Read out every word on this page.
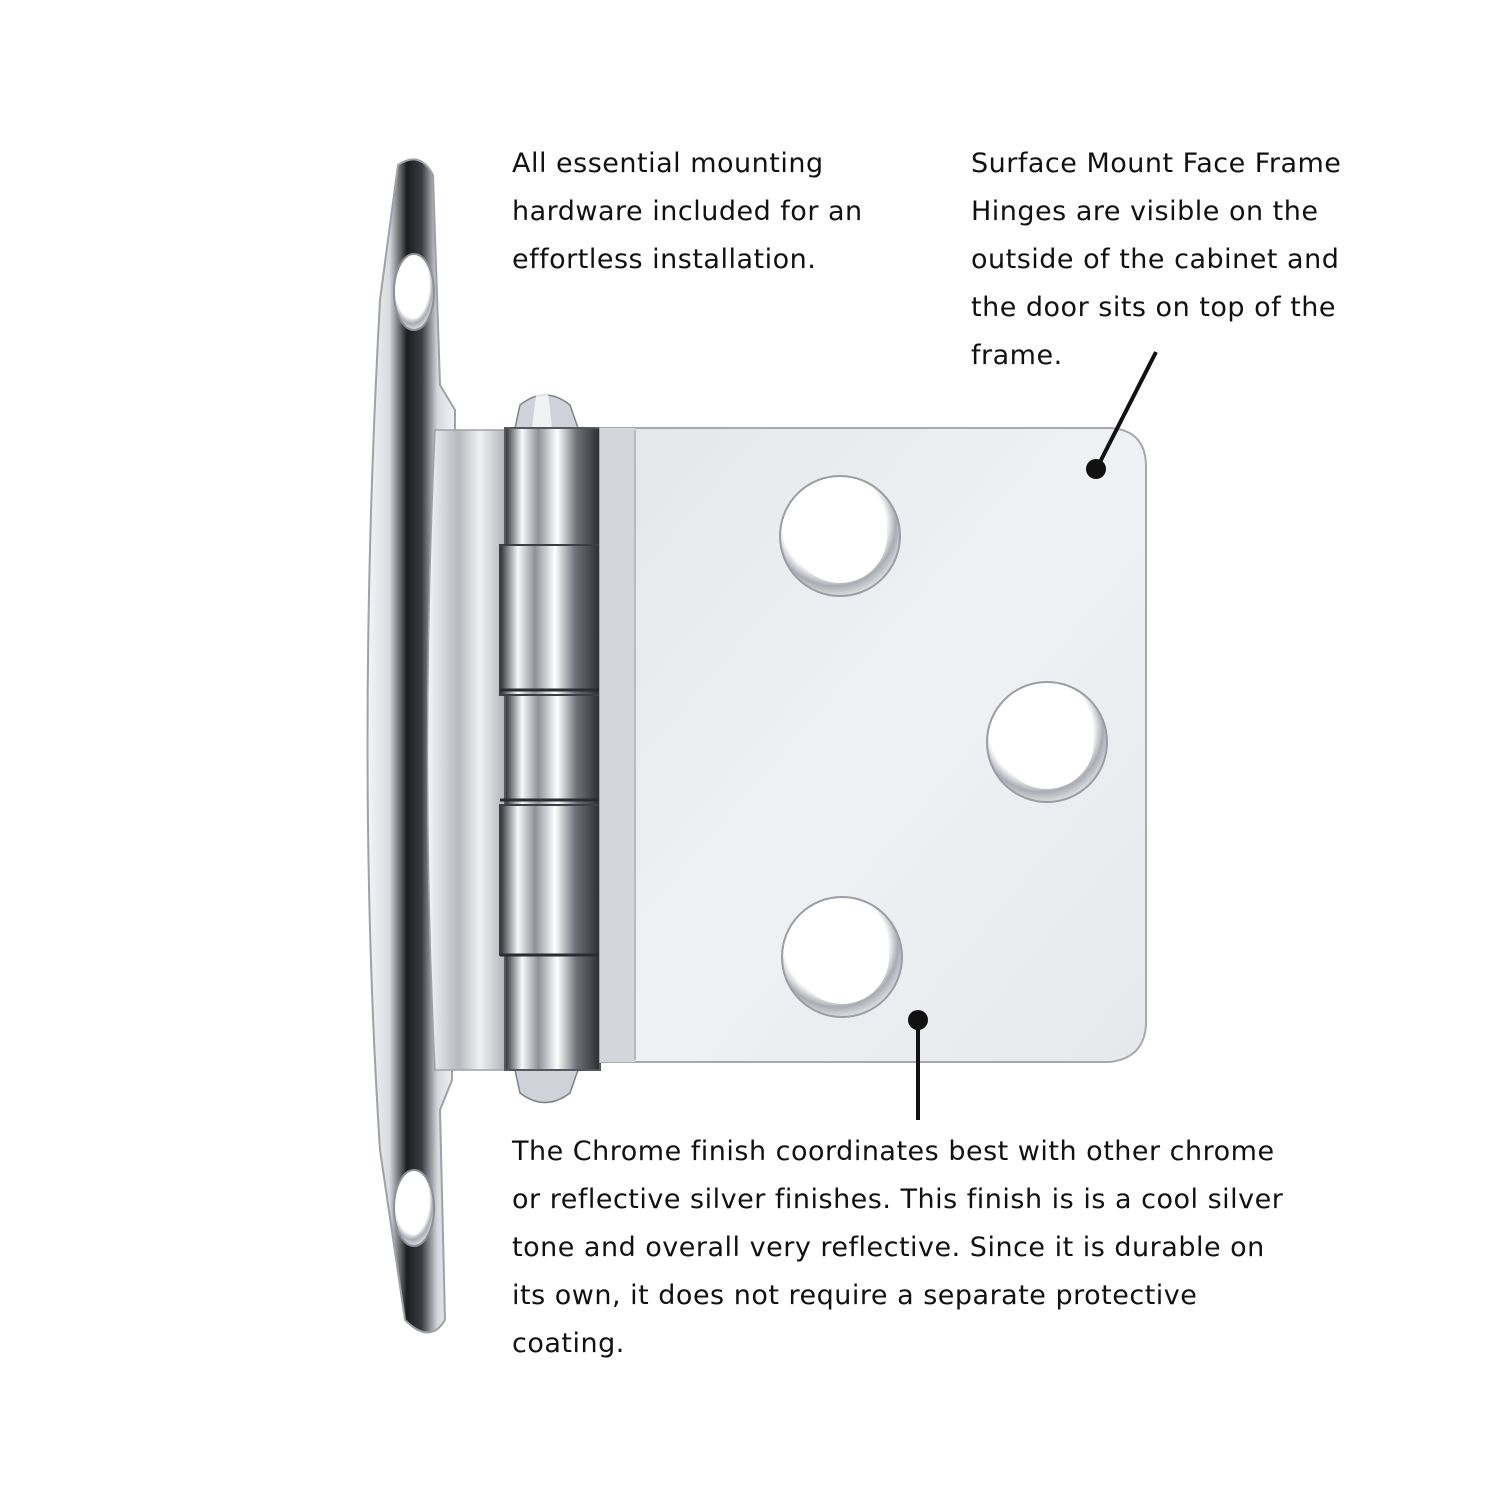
All essential mounting
hardware included for an
effortless installation.

Surface Mount Face Frame
Hinges are visible on the
outside of the cabinet and
the door sits on top of the
frame.

The Chrome finish coordinates best with other chrome
or reflective silver finishes. This finish is is a cool silver
tone and overall very reflective. Since it is durable on
its own, it does not require a separate protective
coating.
